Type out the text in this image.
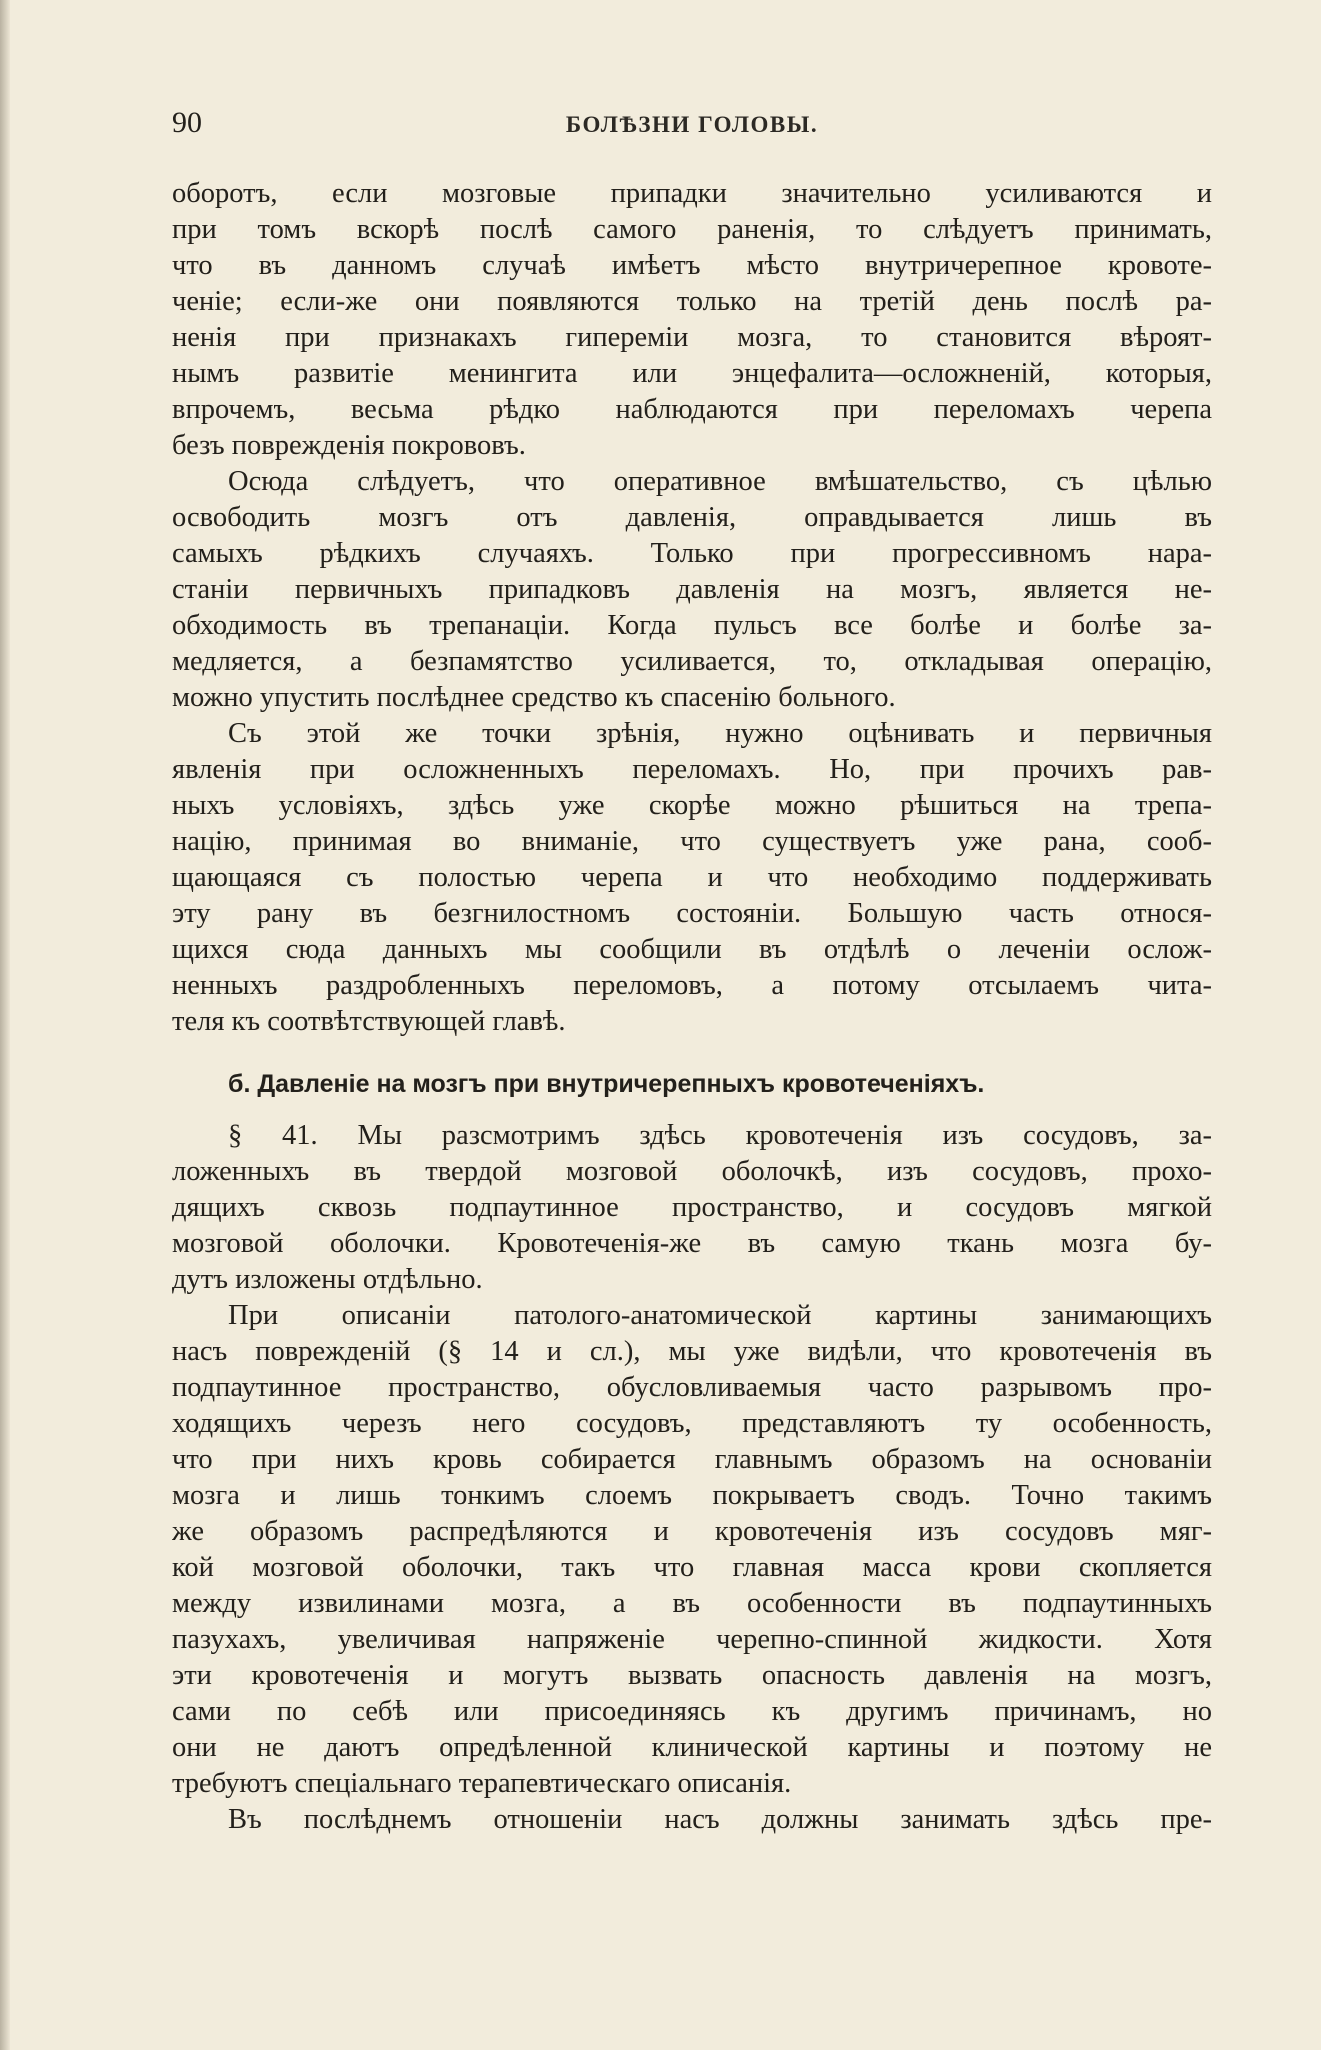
90	БОЛѢЗНИ ГОЛОВЫ.
оборотъ, если мозговые припадки значительно усиливаются и
при томъ вскорѣ послѣ самого раненія, то слѣдуетъ принимать,
что въ данномъ случаѣ имѣетъ мѣсто внутричерепное кровоте-
ченіе; если-же они появляются только на третій день послѣ ра-
ненія при признакахъ гипереміи мозга, то становится вѣроят-
нымъ развитіе менингита или энцефалита—осложненій, которыя,
впрочемъ, весьма рѣдко наблюдаются при переломахъ черепа
безъ поврежденія покрововъ.
Осюда слѣдуетъ, что оперативное вмѣшательство, съ цѣлью
освободить мозгъ отъ давленія, оправдывается лишь въ
самыхъ рѣдкихъ случаяхъ. Только при прогрессивномъ нара-
станіи первичныхъ припадковъ давленія на мозгъ, является не-
обходимость въ трепанаціи. Когда пульсъ все болѣе и болѣе за-
медляется, а безпамятство усиливается, то, откладывая операцію,
можно упустить послѣднее средство къ спасенію больного.
Съ этой же точки зрѣнія, нужно оцѣнивать и первичныя
явленія при осложненныхъ переломахъ. Но, при прочихъ рав-
ныхъ условіяхъ, здѣсь уже скорѣе можно рѣшиться на трепа-
націю, принимая во вниманіе, что существуетъ уже рана, сооб-
щающаяся съ полостью черепа и что необходимо поддерживать
эту рану въ безгнилостномъ состояніи. Большую часть относя-
щихся сюда данныхъ мы сообщили въ отдѣлѣ о леченіи ослож-
ненныхъ раздробленныхъ переломовъ, а потому отсылаемъ чита-
теля къ соотвѣтствующей главѣ.
б. Давленіе на мозгъ при внутричерепныхъ кровотеченіяхъ.
§ 41. Мы разсмотримъ здѣсь кровотеченія изъ сосудовъ, за-
ложенныхъ въ твердой мозговой оболочкѣ, изъ сосудовъ, прохо-
дящихъ сквозь подпаутинное пространство, и сосудовъ мягкой
мозговой оболочки. Кровотеченія-же въ самую ткань мозга бу-
дутъ изложены отдѣльно.
При описаніи патолого-анатомической картины занимающихъ
насъ поврежденій (§ 14 и сл.), мы уже видѣли, что кровотеченія въ
подпаутинное пространство, обусловливаемыя часто разрывомъ про-
ходящихъ черезъ него сосудовъ, представляютъ ту особенность,
что при нихъ кровь собирается главнымъ образомъ на основаніи
мозга и лишь тонкимъ слоемъ покрываетъ сводъ. Точно такимъ
же образомъ распредѣляются и кровотеченія изъ сосудовъ мяг-
кой мозговой оболочки, такъ что главная масса крови скопляется
между извилинами мозга, а въ особенности въ подпаутинныхъ
пазухахъ, увеличивая напряженіе черепно-спинной жидкости. Хотя
эти кровотеченія и могутъ вызвать опасность давленія на мозгъ,
сами по себѣ или присоединяясь къ другимъ причинамъ, но
они не даютъ опредѣленной клинической картины и поэтому не
требуютъ спеціальнаго терапевтическаго описанія.
Въ послѣднемъ отношеніи насъ должны занимать здѣсь пре-
